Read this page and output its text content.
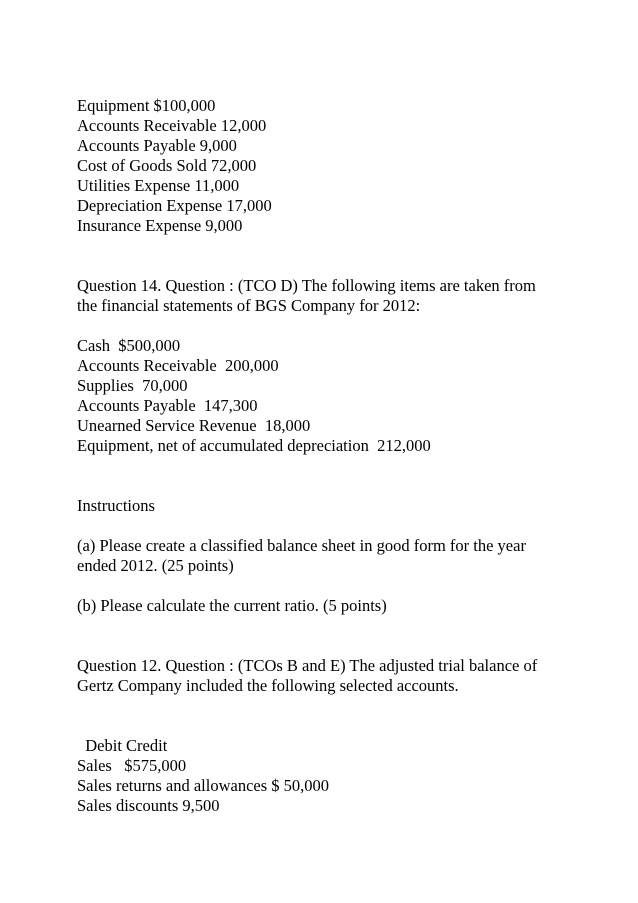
Equipment $100,000
Accounts Receivable 12,000
Accounts Payable 9,000
Cost of Goods Sold 72,000
Utilities Expense 11,000
Depreciation Expense 17,000
Insurance Expense 9,000
Question 14. Question : (TCO D) The following items are taken from
the financial statements of BGS Company for 2012:
Cash  $500,000
Accounts Receivable  200,000
Supplies  70,000
Accounts Payable  147,300
Unearned Service Revenue  18,000
Equipment, net of accumulated depreciation  212,000
Instructions
(a) Please create a classified balance sheet in good form for the year
ended 2012. (25 points)
(b) Please calculate the current ratio. (5 points)
Question 12. Question : (TCOs B and E) The adjusted trial balance of
Gertz Company included the following selected accounts.
Debit Credit
Sales   $575,000
Sales returns and allowances $ 50,000
Sales discounts 9,500
